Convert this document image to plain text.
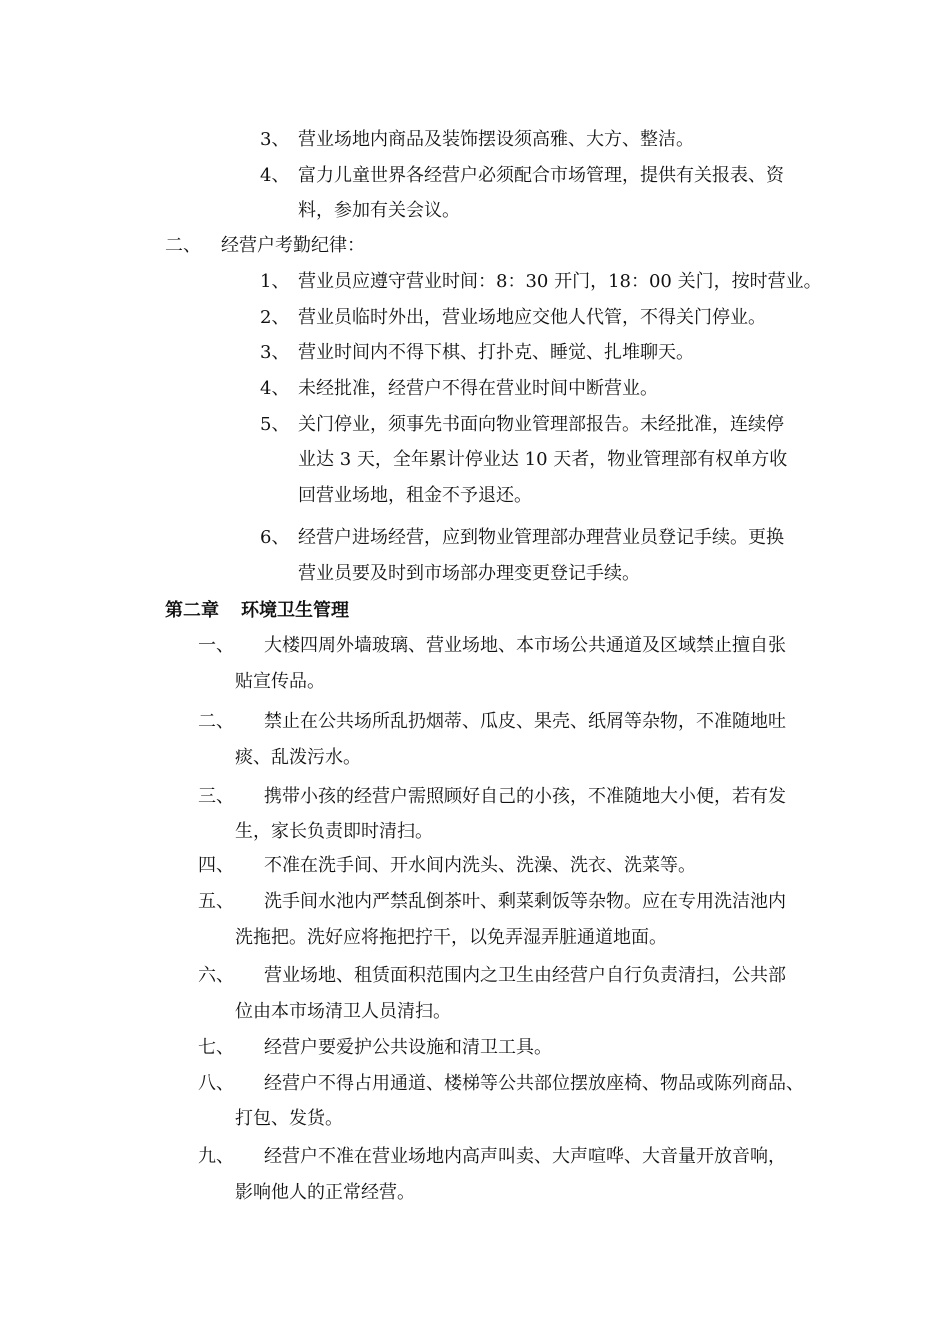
3、 营业场地内商品及装饰摆设须高雅、大方、整洁。
4、 富力儿童世界各经营户必须配合市场管理，提供有关报表、资
料，参加有关会议。
二、 经营户考勤纪律：
1、 营业员应遵守营业时间：8：30 开门，18：00 关门，按时营业。
2、 营业员临时外出，营业场地应交他人代管，不得关门停业。
3、 营业时间内不得下棋、打扑克、睡觉、扎堆聊天。
4、 未经批准，经营户不得在营业时间中断营业。
5、 关门停业，须事先书面向物业管理部报告。未经批准，连续停
业达 3 天，全年累计停业达 10 天者，物业管理部有权单方收
回营业场地，租金不予退还。
6、 经营户进场经营，应到物业管理部办理营业员登记手续。更换
营业员要及时到市场部办理变更登记手续。
第二章 环境卫生管理
一、 大楼四周外墙玻璃、营业场地、本市场公共通道及区域禁止擅自张
贴宣传品。
二、 禁止在公共场所乱扔烟蒂、瓜皮、果壳、纸屑等杂物，不准随地吐
痰、乱泼污水。
三、 携带小孩的经营户需照顾好自己的小孩，不准随地大小便，若有发
生，家长负责即时清扫。
四、 不准在洗手间、开水间内洗头、洗澡、洗衣、洗菜等。
五、 洗手间水池内严禁乱倒茶叶、剩菜剩饭等杂物。应在专用洗洁池内
洗拖把。洗好应将拖把拧干，以免弄湿弄脏通道地面。
六、 营业场地、租赁面积范围内之卫生由经营户自行负责清扫，公共部
位由本市场清卫人员清扫。
七、 经营户要爱护公共设施和清卫工具。
八、 经营户不得占用通道、楼梯等公共部位摆放座椅、物品或陈列商品、
打包、发货。
九、 经营户不准在营业场地内高声叫卖、大声喧哗、大音量开放音响，
影响他人的正常经营。
